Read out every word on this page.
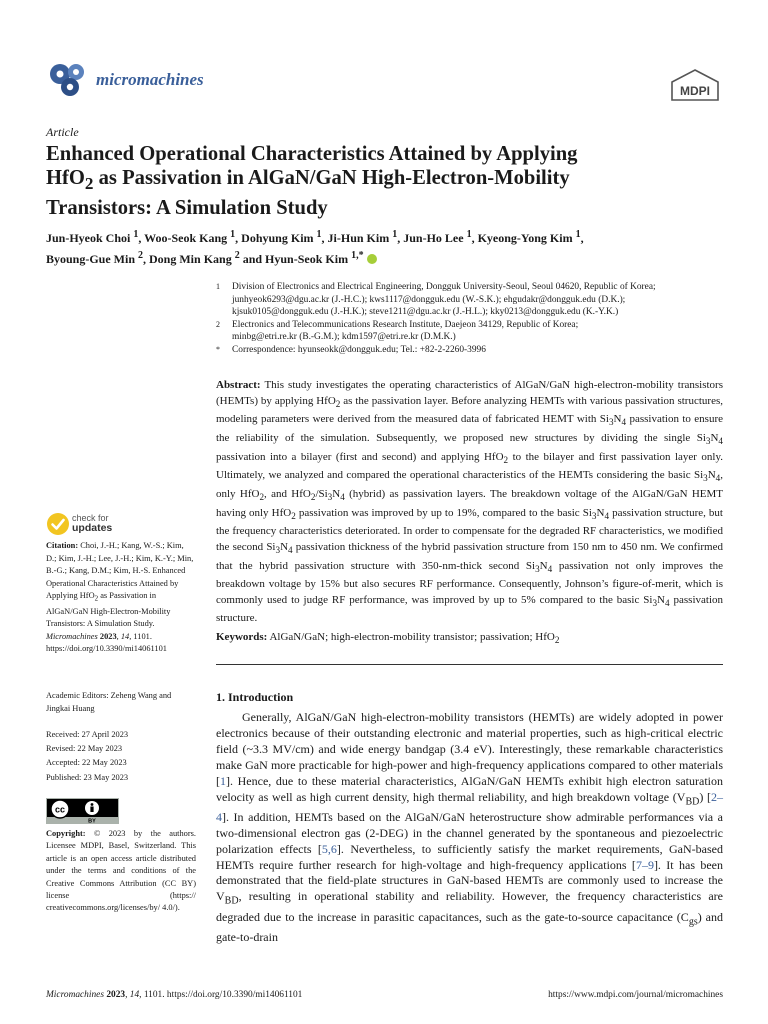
micromachines
MDPI
Article
Enhanced Operational Characteristics Attained by Applying
HfO$_2$ as Passivation in AlGaN/GaN High-Electron-Mobility
Transistors: A Simulation Study
Jun-Hyeok Choi $^1$, Woo-Seok Kang $^1$, Dohyung Kim $^1$, Ji-Hun Kim $^1$, Jun-Ho Lee $^1$, Kyeong-Yong Kim $^1$,
Byoung-Gue Min $^2$, Dong Min Kang $^2$ and Hyun-Seok Kim $^{1,*}$
1	Division of Electronics and Electrical Engineering, Dongguk University-Seoul, Seoul 04620, Republic of Korea;
junhyeok6293@dgu.ac.kr (J.-H.C.); kws1117@dongguk.edu (W.-S.K.); ehgudakr@dongguk.edu (D.K.);
kjsuk0105@dongguk.edu (J.-H.K.); steve1211@dgu.ac.kr (J.-H.L.); kky0213@dongguk.edu (K.-Y.K.)
2	Electronics and Telecommunications Research Institute, Daejeon 34129, Republic of Korea;
minbg@etri.re.kr (B.-G.M.); kdm1597@etri.re.kr (D.M.K.)
*	Correspondence: hyunseokk@dongguk.edu; Tel.: +82-2-2260-3996

Abstract: This study investigates the operating characteristics of AlGaN/GaN high-electron-mobility transistors (HEMTs) by applying HfO$_2$ as the passivation layer. Before analyzing HEMTs with various passivation structures, modeling parameters were derived from the measured data of fabricated HEMT with $Si_3N_4$ passivation to ensure the reliability of the simulation. Subsequently, we proposed new structures by dividing the single $Si_3N_4$ passivation into a bilayer (first and second) and applying HfO$_2$ to the bilayer and first passivation layer only. Ultimately, we analyzed and compared the operational characteristics of the HEMTs considering the basic $Si_3N_4$, only HfO$_2$, and $HfO_2/Si_3N_4$ (hybrid) as passivation layers. The breakdown voltage of the AlGaN/GaN HEMT having only HfO$_2$ passivation was improved by up to 19%, compared to the basic $Si_3N_4$ passivation structure, but the frequency characteristics deteriorated. In order to compensate for the degraded RF characteristics, we modified the second $Si_3N_4$ passivation thickness of the hybrid passivation structure from 150 nm to 450 nm. We confirmed that the hybrid passivation structure with 350-nm-thick second $Si_3N_4$ passivation not only improves the breakdown voltage by 15% but also secures RF performance. Consequently, Johnson’s figure-of-merit, which is commonly used to judge RF performance, was improved by up to 5% compared to the basic $Si_3N_4$ passivation structure.

Keywords: AlGaN/GaN; high-electron-mobility transistor; passivation; HfO$_2$
1. Introduction

Generally, AlGaN/GaN high-electron-mobility transistors (HEMTs) are widely adopted in power electronics because of their outstanding electronic and material properties, such as high-critical electric field (~3.3 MV/cm) and wide energy bandgap (3.4 eV). Interestingly, these remarkable characteristics make GaN more practicable for high-power and high-frequency applications compared to other materials [1]. Hence, due to these material characteristics, AlGaN/GaN HEMTs exhibit high electron saturation velocity as well as high current density, high thermal reliability, and high breakdown voltage $(V_{BD})$ [2–4]. In addition, HEMTs based on the AlGaN/GaN heterostructure show admirable performances via a two-dimensional electron gas (2-DEG) in the channel generated by the spontaneous and piezoelectric polarization effects [5,6]. Nevertheless, to sufficiently satisfy the market requirements, GaN-based HEMTs require further research for high-voltage and high-frequency applications [7–9]. It has been demonstrated that the field-plate structures in GaN-based HEMTs are commonly used to increase the $V_{BD}$, resulting in operational stability and reliability. However, the frequency characteristics are degraded due to the increase in parasitic capacitances, such as the gate-to-source capacitance $(C_{gs})$ and gate-to-drain

check for
updates
Citation: Choi, J.-H.; Kang, W.-S.; Kim, D.; Kim, J.-H.; Lee, J.-H.; Kim, K.-Y.; Min, B.-G.; Kang, D.M.; Kim, H.-S. Enhanced Operational Characteristics Attained by Applying HfO$_2$ as Passivation in AlGaN/GaN High-Electron-Mobility Transistors: A Simulation Study. Micromachines 2023, 14, 1101. https://doi.org/10.3390/mi14061101
Academic Editors: Zeheng Wang and Jingkai Huang
Received: 27 April 2023
Revised: 22 May 2023
Accepted: 22 May 2023
Published: 23 May 2023
cc
BY
Copyright: © 2023 by the authors. Licensee MDPI, Basel, Switzerland. This article is an open access article distributed under the terms and conditions of the Creative Commons Attribution (CC BY) license (https:// creativecommons.org/licenses/by/ 4.0/).
Micromachines 2023, 14, 1101. https://doi.org/10.3390/mi14061101	https://www.mdpi.com/journal/micromachines
